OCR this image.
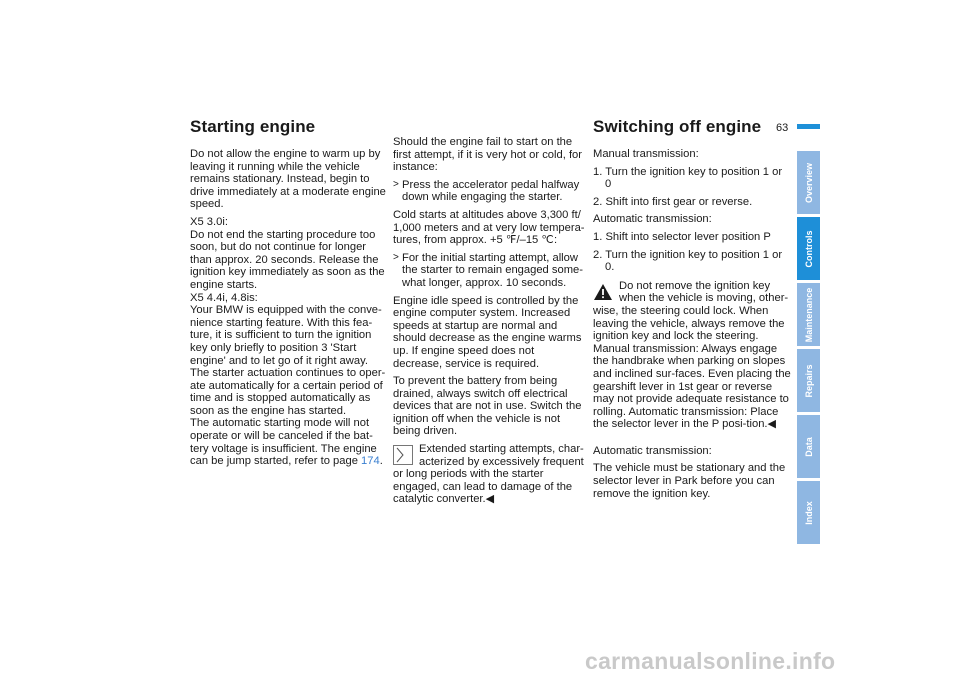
Starting engine	Switching off engine 63

Do not allow the engine to warm up by leaving it running while the vehicle remains stationary. Instead, begin to drive immediately at a moderate engine speed.

X5 3.0i:
Do not end the starting procedure too soon, but do not continue for longer than approx. 20 seconds. Release the ignition key immediately as soon as the engine starts.
X5 4.4i, 4.8is:
Your BMW is equipped with the conve-nience starting feature. With this fea-ture, it is sufficient to turn the ignition key only briefly to position 3 'Start engine' and to let go of it right away. The starter actuation continues to oper-ate automatically for a certain period of time and is stopped automatically as soon as the engine has started.
The automatic starting mode will not operate or will be canceled if the bat-tery voltage is insufficient. The engine can be jump started, refer to page 174.

Should the engine fail to start on the first attempt, if it is very hot or cold, for instance:

> Press the accelerator pedal halfway down while engaging the starter.

Cold starts at altitudes above 3,300 ft/ 1,000 meters and at very low tempera-tures, from approx. +5 ℉/–15 ℃:

> For the initial starting attempt, allow the starter to remain engaged some-what longer, approx. 10 seconds.

Engine idle speed is controlled by the engine computer system. Increased speeds at startup are normal and should decrease as the engine warms up. If engine speed does not decrease, service is required.

To prevent the battery from being drained, always switch off electrical devices that are not in use. Switch the ignition off when the vehicle is not being driven.

Extended starting attempts, char-acterized by excessively frequent
or long periods with the starter engaged, can lead to damage of the catalytic converter.◀

Manual transmission:

1. Turn the ignition key to position 1 or 0

2. Shift into first gear or reverse.

Automatic transmission:

1. Shift into selector lever position P

2. Turn the ignition key to position 1 or 0.

Do not remove the ignition key when the vehicle is moving, other-
wise, the steering could lock. When leaving the vehicle, always remove the ignition key and lock the steering. Manual transmission: Always engage the handbrake when parking on slopes and inclined sur-faces. Even placing the gearshift lever in 1st gear or reverse may not provide adequate resistance to rolling. Automatic transmission: Place the selector lever in the P posi-tion.◀

Automatic transmission:

The vehicle must be stationary and the selector lever in Park before you can remove the ignition key.

Overview
Controls
Maintenance
Repairs
Data
Index
carmanualsonline.info
